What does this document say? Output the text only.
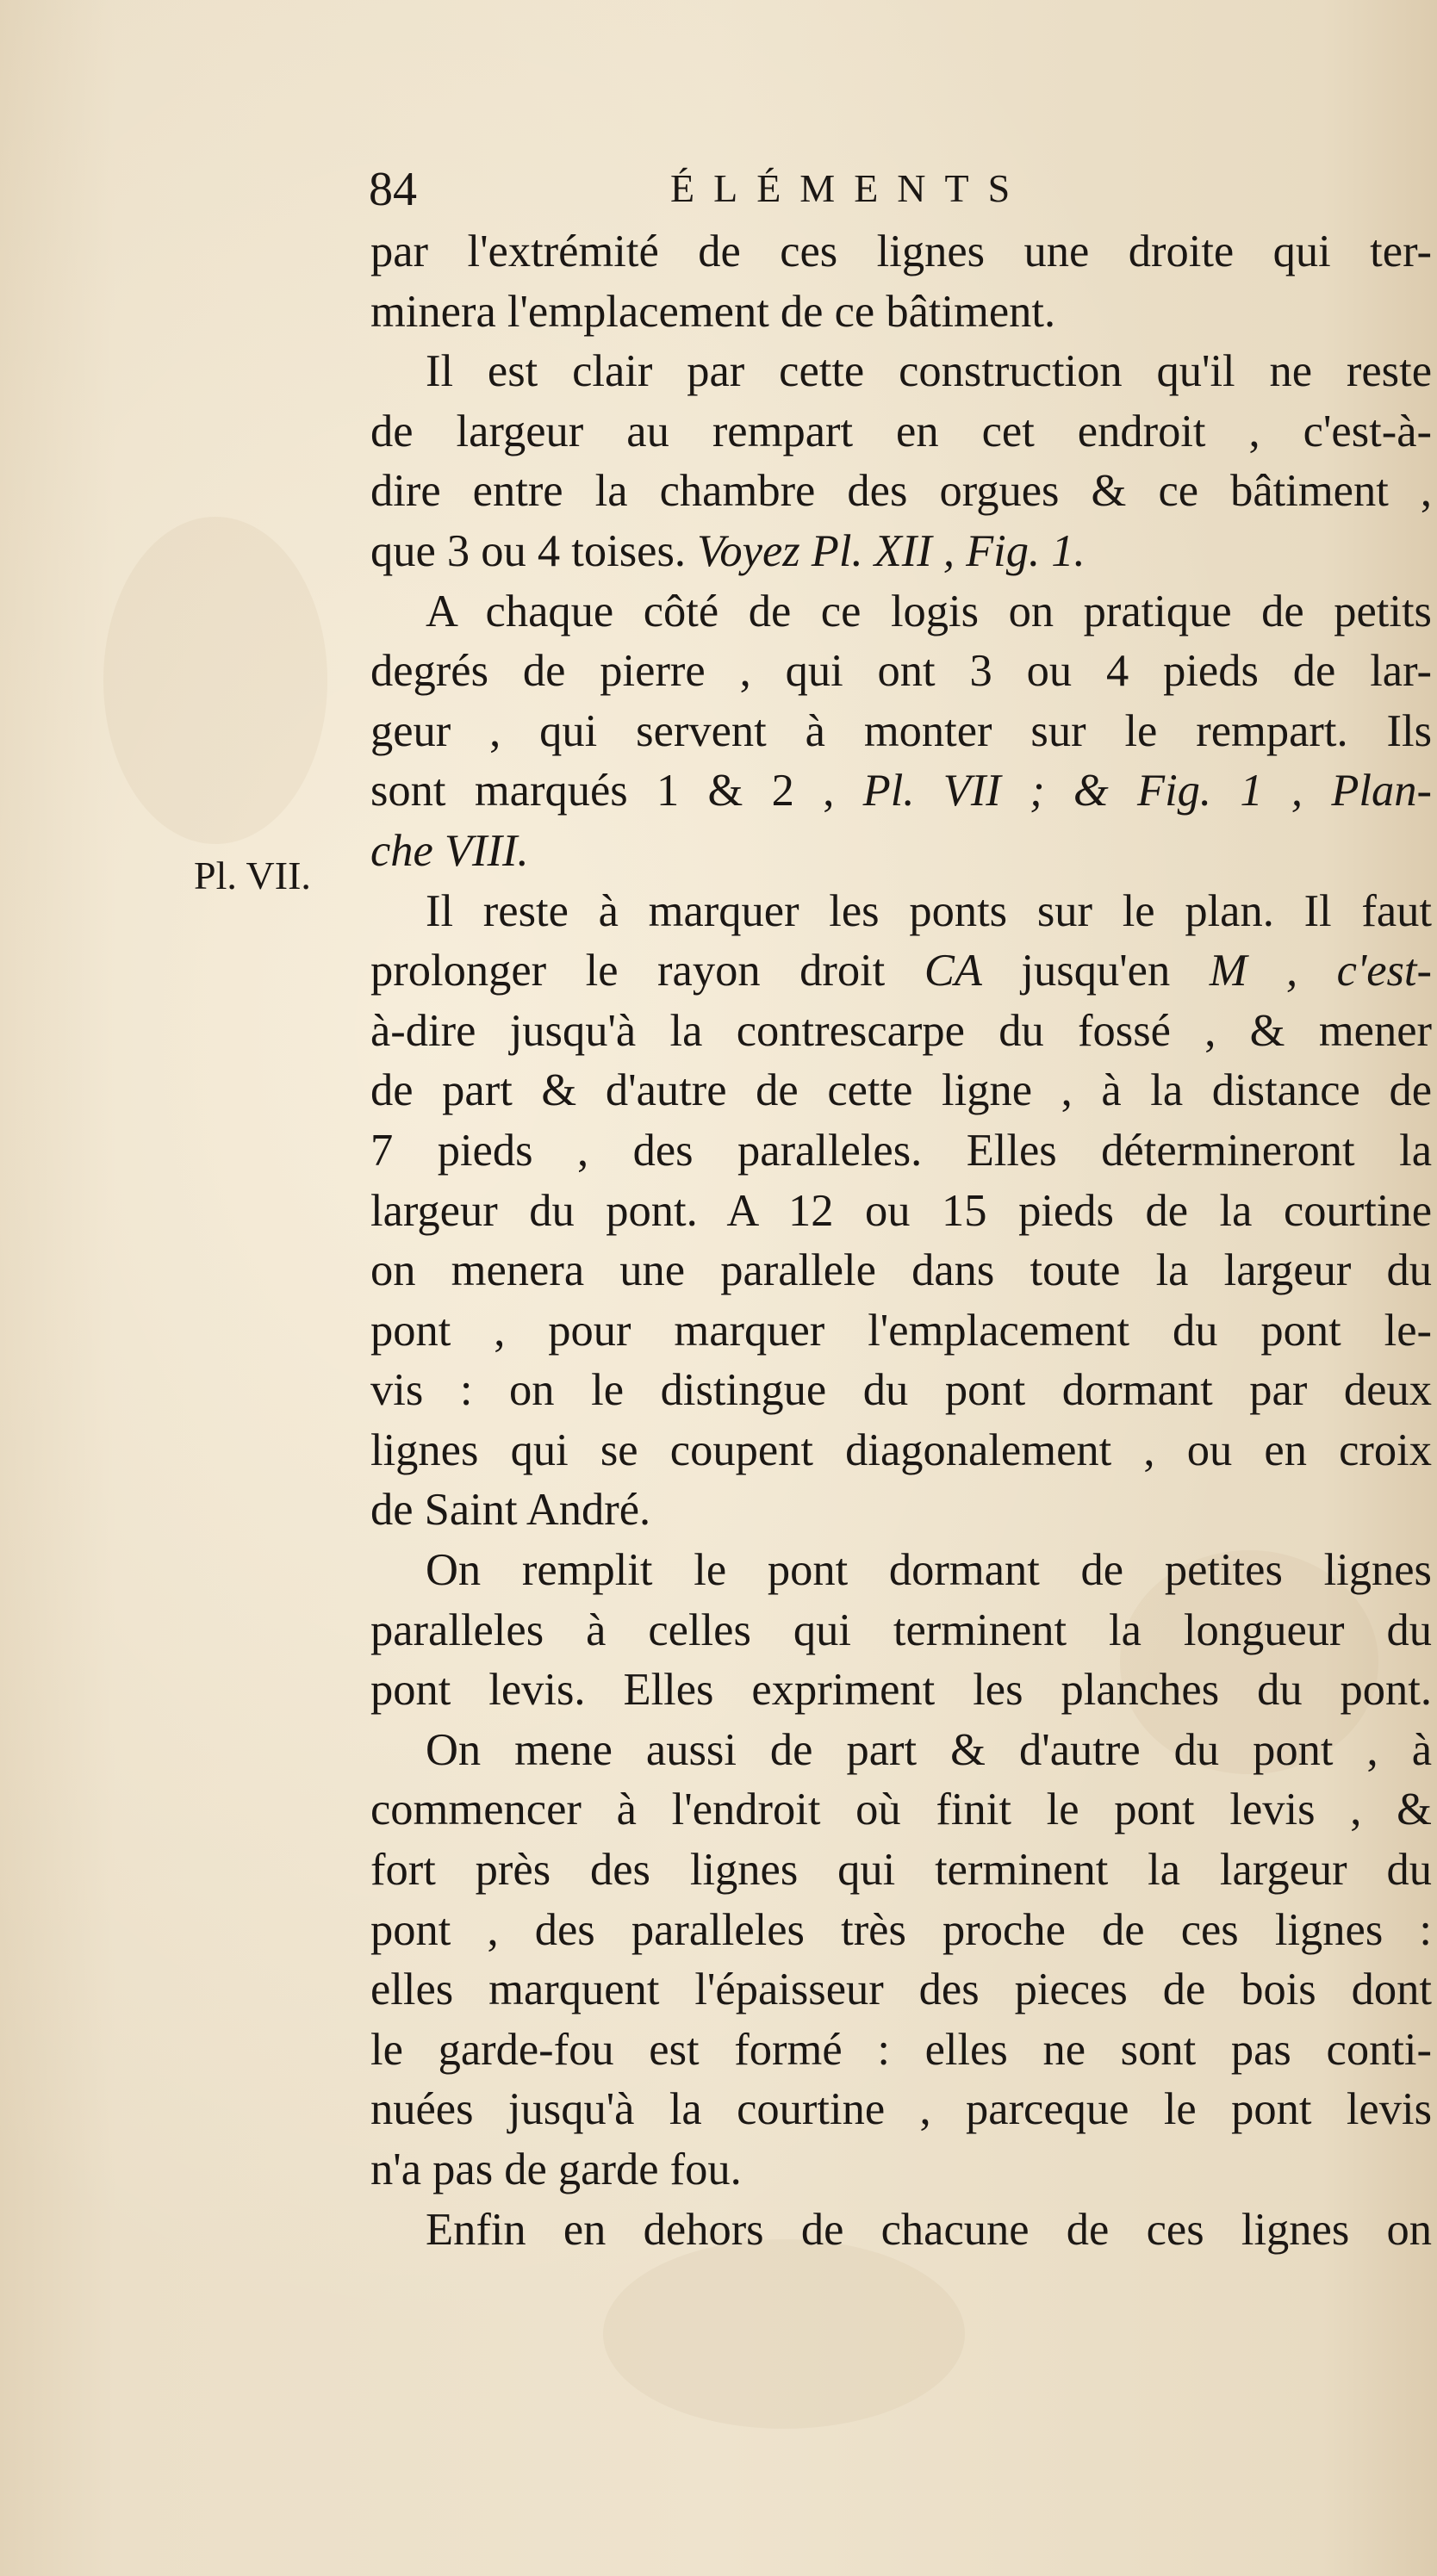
84	ÉLÉMENTS
Pl. VII.
par l'extrémité de ces lignes une droite qui ter-
minera l'emplacement de ce bâtiment.
Il est clair par cette construction qu'il ne reste
de largeur au rempart en cet endroit , c'est-à-
dire entre la chambre des orgues & ce bâtiment ,
que 3 ou 4 toises. Voyez Pl. XII , Fig. 1.
A chaque côté de ce logis on pratique de petits
degrés de pierre , qui ont 3 ou 4 pieds de lar-
geur , qui servent à monter sur le rempart. Ils
sont marqués 1 & 2 , Pl. VII ; & Fig. 1 , Plan-
che VIII.
Il reste à marquer les ponts sur le plan. Il faut
prolonger le rayon droit CA jusqu'en M , c'est-
à-dire jusqu'à la contrescarpe du fossé , & mener
de part & d'autre de cette ligne , à la distance de
7 pieds , des paralleles. Elles détermineront la
largeur du pont. A 12 ou 15 pieds de la courtine
on menera une parallele dans toute la largeur du
pont , pour marquer l'emplacement du pont le-
vis : on le distingue du pont dormant par deux
lignes qui se coupent diagonalement , ou en croix
de Saint André.
On remplit le pont dormant de petites lignes
paralleles à celles qui terminent la longueur du
pont levis. Elles expriment les planches du pont.
On mene aussi de part & d'autre du pont , à
commencer à l'endroit où finit le pont levis , &
fort près des lignes qui terminent la largeur du
pont , des paralleles très proche de ces lignes :
elles marquent l'épaisseur des pieces de bois dont
le garde-fou est formé : elles ne sont pas conti-
nuées jusqu'à la courtine , parceque le pont levis
n'a pas de garde fou.
Enfin en dehors de chacune de ces lignes on
